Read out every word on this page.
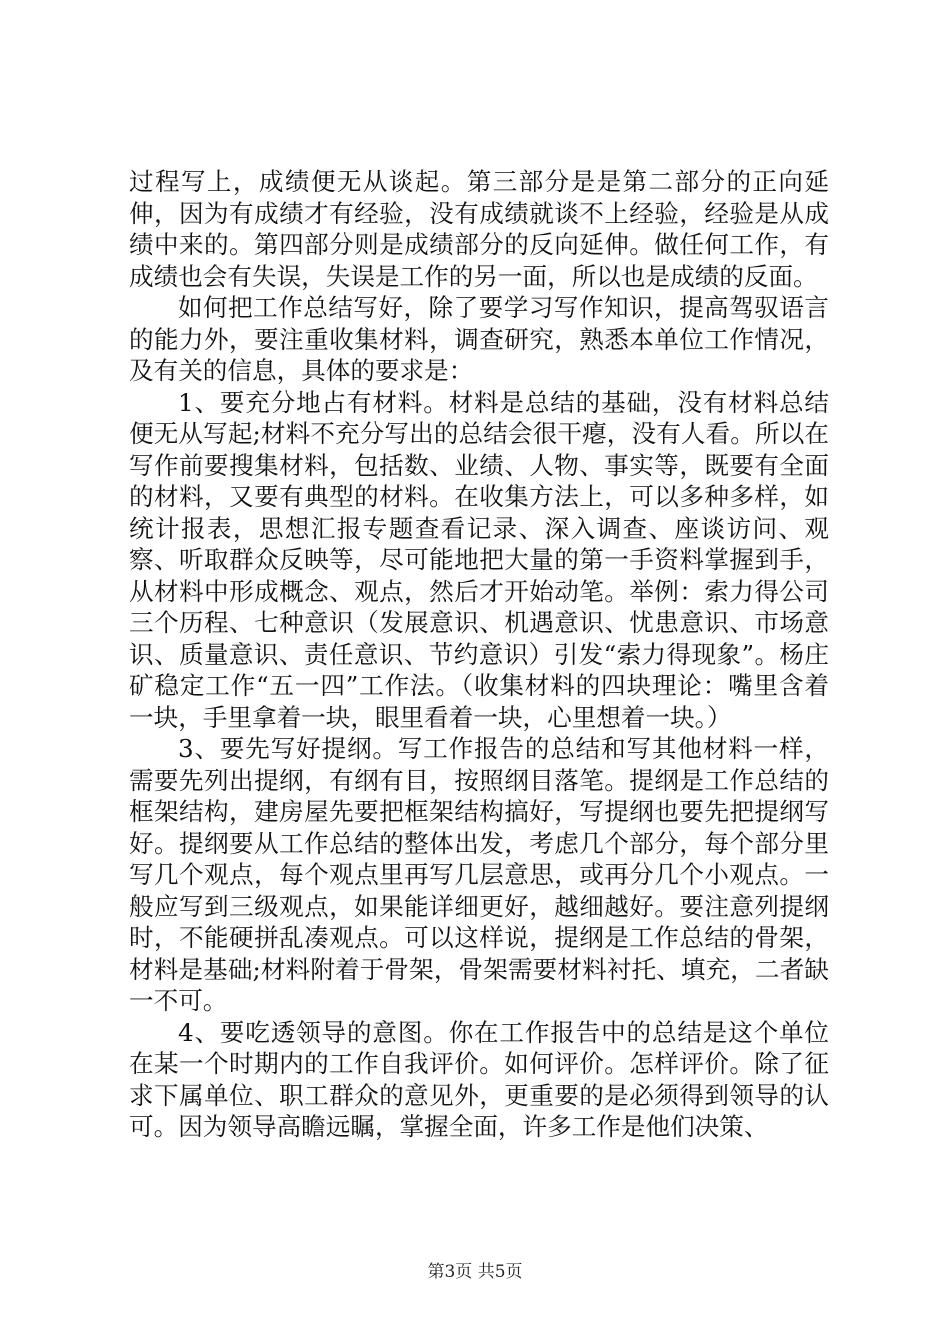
过程写上，成绩便无从谈起。第三部分是是第二部分的正向延伸，因为有成绩才有经验，没有成绩就谈不上经验，经验是从成绩中来的。第四部分则是成绩部分的反向延伸。做任何工作，有成绩也会有失误，失误是工作的另一面，所以也是成绩的反面。

如何把工作总结写好，除了要学习写作知识，提高驾驭语言的能力外，要注重收集材料，调查研究，熟悉本单位工作情况，及有关的信息，具体的要求是：

1、要充分地占有材料。材料是总结的基础，没有材料总结便无从写起;材料不充分写出的总结会很干瘪，没有人看。所以在写作前要搜集材料，包括数、业绩、人物、事实等，既要有全面的材料，又要有典型的材料。在收集方法上，可以多种多样，如统计报表，思想汇报专题查看记录、深入调查、座谈访问、观察、听取群众反映等，尽可能地把大量的第一手资料掌握到手，从材料中形成概念、观点，然后才开始动笔。举例：索力得公司三个历程、七种意识（发展意识、机遇意识、忧患意识、市场意识、质量意识、责任意识、节约意识）引发“索力得现象”。杨庄矿稳定工作“五一四”工作法。（收集材料的四块理论：嘴里含着一块，手里拿着一块，眼里看着一块，心里想着一块。）

3、要先写好提纲。写工作报告的总结和写其他材料一样，需要先列出提纲，有纲有目，按照纲目落笔。提纲是工作总结的框架结构，建房屋先要把框架结构搞好，写提纲也要先把提纲写好。提纲要从工作总结的整体出发，考虑几个部分，每个部分里写几个观点，每个观点里再写几层意思，或再分几个小观点。一般应写到三级观点，如果能详细更好，越细越好。要注意列提纲时，不能硬拼乱凑观点。可以这样说，提纲是工作总结的骨架，材料是基础;材料附着于骨架，骨架需要材料衬托、填充，二者缺一不可。

4、要吃透领导的意图。你在工作报告中的总结是这个单位在某一个时期内的工作自我评价。如何评价。怎样评价。除了征求下属单位、职工群众的意见外，更重要的是必须得到领导的认可。因为领导高瞻远瞩，掌握全面，许多工作是他们决策、

第3页 共5页
